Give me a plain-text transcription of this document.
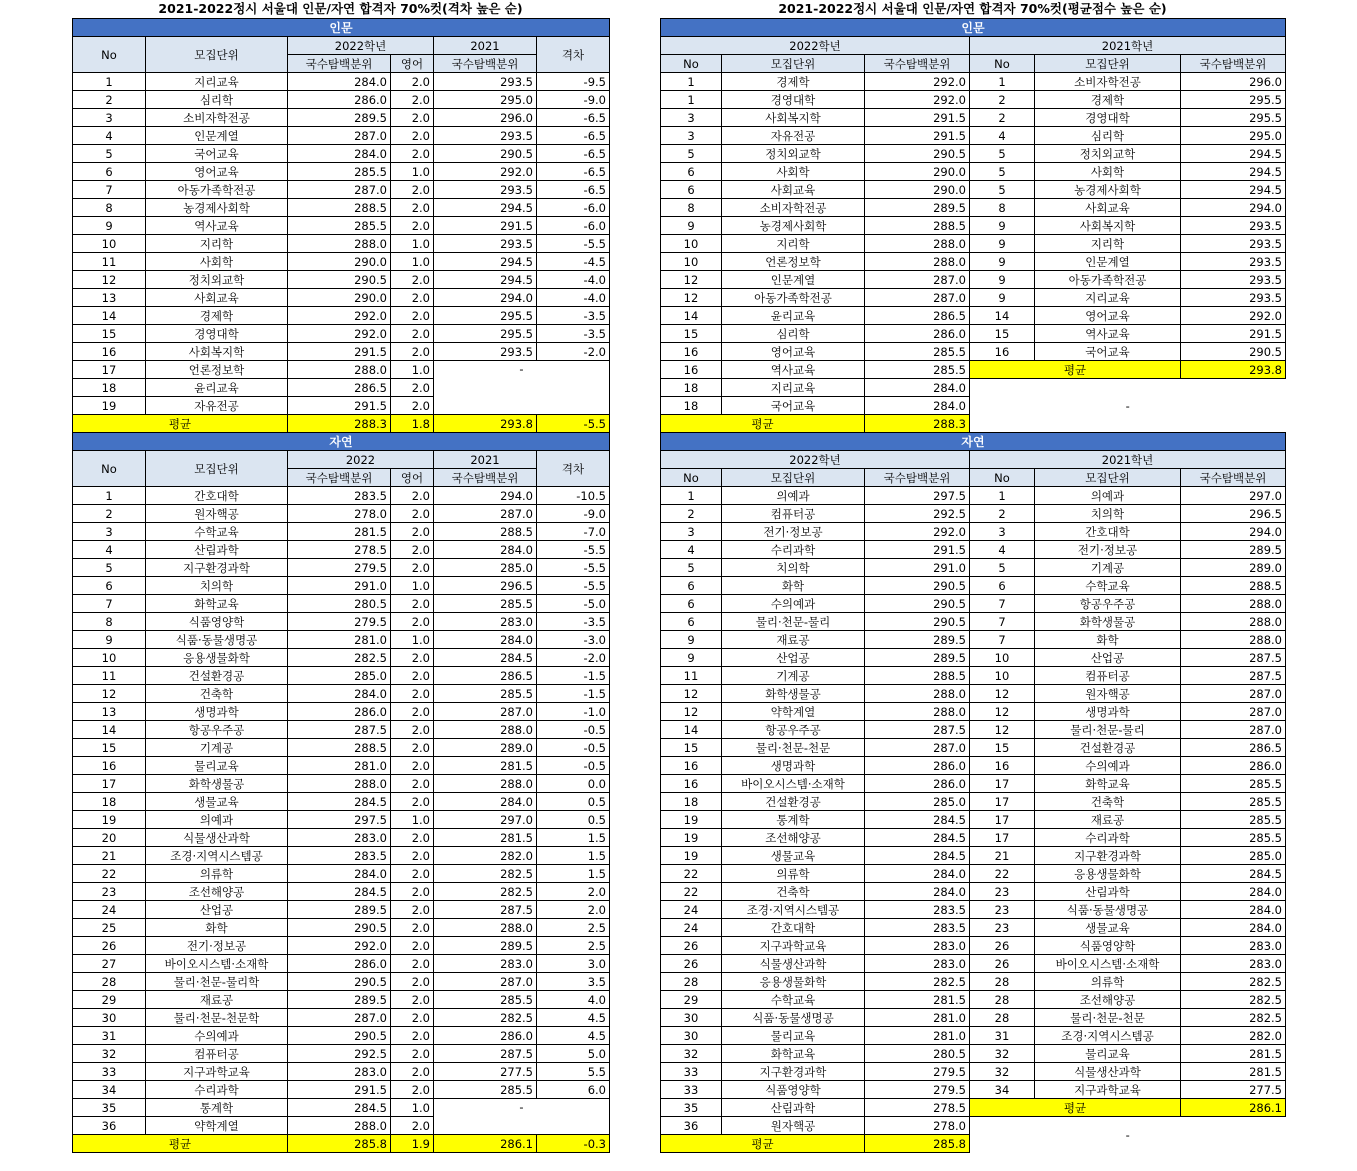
2021-2022정시 서울대 인문/자연 합격자 70%컷(격차 높은 순)	2021-2022정시 서울대 인문/자연 합격자 70%컷(평균점수 높은 순)
인문					
No	모집단위	2022학년		2021	격차
		국수탐백분위	영어	국수탐백분위	
1	지리교육	284.0	2.0	293.5	-9.5
2	심리학	286.0	2.0	295.0	-9.0
3	소비자학전공	289.5	2.0	296.0	-6.5
4	인문계열	287.0	2.0	293.5	-6.5
5	국어교육	284.0	2.0	290.5	-6.5
6	영어교육	285.5	1.0	292.0	-6.5
7	아동가족학전공	287.0	2.0	293.5	-6.5
8	농경제사회학	288.5	2.0	294.5	-6.0
9	역사교육	285.5	2.0	291.5	-6.0
10	지리학	288.0	1.0	293.5	-5.5
11	사회학	290.0	1.0	294.5	-4.5
12	정치외교학	290.5	2.0	294.5	-4.0
13	사회교육	290.0	2.0	294.0	-4.0
14	경제학	292.0	2.0	295.5	-3.5
15	경영대학	292.0	2.0	295.5	-3.5
16	사회복지학	291.5	2.0	293.5	-2.0
17	언론정보학	288.0	1.0	-	
18	윤리교육	286.5	2.0		
19	자유전공	291.5	2.0		
평균		288.3	1.8	293.8	-5.5
자연					
No	모집단위	2022		2021	격차
		국수탐백분위	영어	국수탐백분위	
1	간호대학	283.5	2.0	294.0	-10.5
2	원자핵공	278.0	2.0	287.0	-9.0
3	수학교육	281.5	2.0	288.5	-7.0
4	산림과학	278.5	2.0	284.0	-5.5
5	지구환경과학	279.5	2.0	285.0	-5.5
6	치의학	291.0	1.0	296.5	-5.5
7	화학교육	280.5	2.0	285.5	-5.0
8	식품영양학	279.5	2.0	283.0	-3.5
9	식품·동물생명공	281.0	1.0	284.0	-3.0
10	응용생물화학	282.5	2.0	284.5	-2.0
11	건설환경공	285.0	2.0	286.5	-1.5
12	건축학	284.0	2.0	285.5	-1.5
13	생명과학	286.0	2.0	287.0	-1.0
14	항공우주공	287.5	2.0	288.0	-0.5
15	기계공	288.5	2.0	289.0	-0.5
16	물리교육	281.0	2.0	281.5	-0.5
17	화학생물공	288.0	2.0	288.0	0.0
18	생물교육	284.5	2.0	284.0	0.5
19	의예과	297.5	1.0	297.0	0.5
20	식물생산과학	283.0	2.0	281.5	1.5
21	조경·지역시스템공	283.5	2.0	282.0	1.5
22	의류학	284.0	2.0	282.5	1.5
23	조선해양공	284.5	2.0	282.5	2.0
24	산업공	289.5	2.0	287.5	2.0
25	화학	290.5	2.0	288.0	2.5
26	전기·정보공	292.0	2.0	289.5	2.5
27	바이오시스템·소재학	286.0	2.0	283.0	3.0
28	물리·천문-물리학	290.5	2.0	287.0	3.5
29	재료공	289.5	2.0	285.5	4.0
30	물리·천문-천문학	287.0	2.0	282.5	4.5
31	수의예과	290.5	2.0	286.0	4.5
32	컴퓨터공	292.5	2.0	287.5	5.0
33	지구과학교육	283.0	2.0	277.5	5.5
34	수리과학	291.5	2.0	285.5	6.0
35	통계학	284.5	1.0	-	
36	약학계열	288.0	2.0		
평균		285.8	1.9	286.1	-0.3
인문					
2022학년			2021학년		
No	모집단위	국수탐백분위	No	모집단위	국수탐백분위
1	경제학	292.0	1	소비자학전공	296.0
1	경영대학	292.0	2	경제학	295.5
3	사회복지학	291.5	2	경영대학	295.5
3	자유전공	291.5	4	심리학	295.0
5	정치외교학	290.5	5	정치외교학	294.5
6	사회학	290.0	5	사회학	294.5
6	사회교육	290.0	5	농경제사회학	294.5
8	소비자학전공	289.5	8	사회교육	294.0
9	농경제사회학	288.5	9	사회복지학	293.5
10	지리학	288.0	9	지리학	293.5
10	언론정보학	288.0	9	인문계열	293.5
12	인문계열	287.0	9	아동가족학전공	293.5
12	아동가족학전공	287.0	9	지리교육	293.5
14	윤리교육	286.5	14	영어교육	292.0
15	심리학	286.0	15	역사교육	291.5
16	영어교육	285.5	16	국어교육	290.5
16	역사교육	285.5	평균		293.8
18	지리교육	284.0	-		
18	국어교육	284.0			
평균		288.3			
자연					
2022학년			2021학년		
No	모집단위	국수탐백분위	No	모집단위	국수탐백분위
1	의예과	297.5	1	의예과	297.0
2	컴퓨터공	292.5	2	치의학	296.5
3	전기·정보공	292.0	3	간호대학	294.0
4	수리과학	291.5	4	전기·정보공	289.5
5	치의학	291.0	5	기계공	289.0
6	화학	290.5	6	수학교육	288.5
6	수의예과	290.5	7	항공우주공	288.0
6	물리·천문-물리	290.5	7	화학생물공	288.0
9	재료공	289.5	7	화학	288.0
9	산업공	289.5	10	산업공	287.5
11	기계공	288.5	10	컴퓨터공	287.5
12	화학생물공	288.0	12	원자핵공	287.0
12	약학계열	288.0	12	생명과학	287.0
14	항공우주공	287.5	12	물리·천문-물리	287.0
15	물리·천문-천문	287.0	15	건설환경공	286.5
16	생명과학	286.0	16	수의예과	286.0
16	바이오시스템·소재학	286.0	17	화학교육	285.5
18	건설환경공	285.0	17	건축학	285.5
19	통계학	284.5	17	재료공	285.5
19	조선해양공	284.5	17	수리과학	285.5
19	생물교육	284.5	21	지구환경과학	285.0
22	의류학	284.0	22	응용생물화학	284.5
22	건축학	284.0	23	산림과학	284.0
24	조경·지역시스템공	283.5	23	식품·동물생명공	284.0
24	간호대학	283.5	23	생물교육	284.0
26	지구과학교육	283.0	26	식품영양학	283.0
26	식물생산과학	283.0	26	바이오시스템·소재학	283.0
28	응용생물화학	282.5	28	의류학	282.5
29	수학교육	281.5	28	조선해양공	282.5
30	식품·동물생명공	281.0	28	물리·천문-천문	282.5
30	물리교육	281.0	31	조경·지역시스템공	282.0
32	화학교육	280.5	32	물리교육	281.5
33	지구환경과학	279.5	32	식물생산과학	281.5
33	식품영양학	279.5	34	지구과학교육	277.5
35	산림과학	278.5	평균		286.1
36	원자핵공	278.0	-		
평균		285.8			
